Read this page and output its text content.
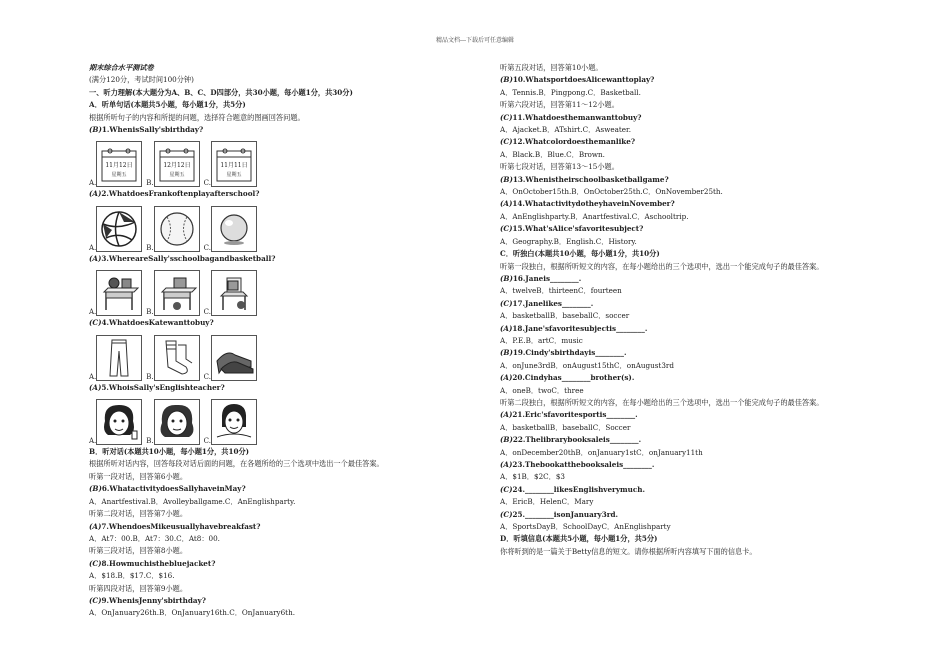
精品文档---下载后可任意编辑
期末综合水平测试卷
(满分120分，考试时间100分钟)
一、听力理解(本大题分为A、B、C、D四部分，共30小题，每小题1分，共30分)
A．听单句话(本题共5小题，每小题1分，共5分)
根据所听句子的内容和所提的问题，选择符合题意的图画回答问题。
(B)1.WhenisSally'sbirthday?
A.
11月12日
星期五
B.
12月12日
星期五
C.
11月11日
星期五
(A)2.WhatdoesFrankoftenplayafterschool?
A.	B.	C.
(A)3.WhereareSally'sschoolbagandbasketball?
A.	B.	C.
(C)4.WhatdoesKatewanttobuy?
A.	B.	C.
(A)5.WhoisSally'sEnglishteacher?
A.	B.	C.
B．听对话(本题共10小题，每小题1分，共10分)
根据所听对话内容，回答每段对话后面的问题，在各题所给的三个选项中选出一个最佳答案。
听第一段对话，回答第6小题。
(B)6.WhatactivitydoesSallyhaveinMay?
A．Anartfestival.B．Avolleyballgame.C．AnEnglishparty.
听第二段对话，回答第7小题。
(A)7.WhendoesMikeusuallyhavebreakfast?
A．At7：00.B．At7：30.C．At8：00.
听第三段对话，回答第8小题。
(C)8.Howmuchisthebluejacket?
A．$18.B．$17.C．$16.
听第四段对话，回答第9小题。
(C)9.WhenisJenny'sbirthday?
A．OnJanuary26th.B．OnJanuary16th.C．OnJanuary6th.
听第五段对话，回答第10小题。
(B)10.WhatsportdoesAlicewanttoplay?
A．Tennis.B．Pingpong.C．Basketball.
听第六段对话，回答第11～12小题。
(C)11.Whatdoesthemanwanttobuy?
A．Ajacket.B．ATshirt.C．Asweater.
(C)12.Whatcolordoesthemanlike?
A．Black.B．Blue.C．Brown.
听第七段对话，回答第13～15小题。
(B)13.Whenistheirschoolbasketballgame?
A．OnOctober15th.B．OnOctober25th.C．OnNovember25th.
(A)14.WhatactivitydotheyhaveinNovember?
A．AnEnglishparty.B．Anartfestival.C．Aschooltrip.
(C)15.What'sAlice'sfavoritesubject?
A．Geography.B．English.C．History.
C．听独白(本题共10小题，每小题1分，共10分)
听第一段独白，根据所听短文的内容，在每小题给出的三个选项中，选出一个能完成句子的最佳答案。
(B)16.Janeis________.
A．twelveB．thirteenC．fourteen
(C)17.Janelikes________.
A．basketballB．baseballC．soccer
(A)18.Jane'sfavoritesubjectis________.
A．P.E.B．artC．music
(B)19.Cindy'sbirthdayis________.
A．onJune3rdB．onAugust15thC．onAugust3rd
(A)20.Cindyhas________brother(s).
A．oneB．twoC．three
听第二段独白，根据所听短文的内容，在每小题给出的三个选项中，选出一个能完成句子的最佳答案。
(A)21.Eric'sfavoritesportis________.
A．basketballB．baseballC．Soccer
(B)22.Thelibrarybooksaleis________.
A．onDecember20thB．onJanuary1stC．onJanuary11th
(A)23.Thebookatthebooksaleis________.
A．$1B．$2C．$3
(C)24.________likesEnglishverymuch.
A．EricB．HelenC．Mary
(C)25.________isonJanuary3rd.
A．SportsDayB．SchoolDayC．AnEnglishparty
D．听填信息(本题共5小题，每小题1分，共5分)
你将听到的是一篇关于Betty信息的短文。请你根据所听内容填写下面的信息卡。
